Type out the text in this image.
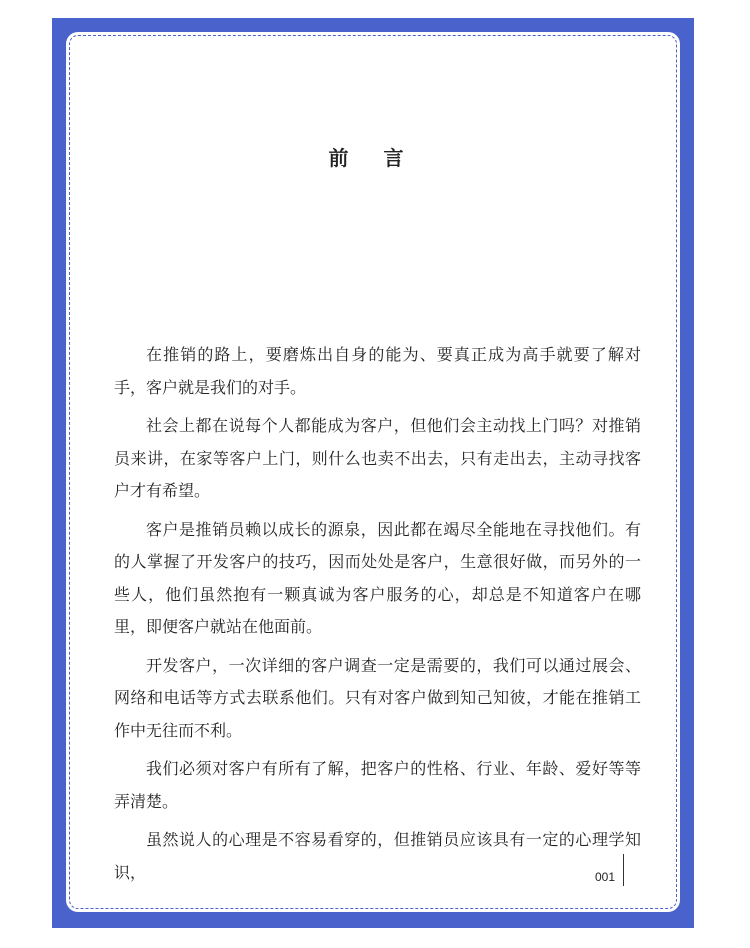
前 言

在推销的路上，要磨炼出自身的能为、要真正成为高手就要了解对手，客户就是我们的对手。

社会上都在说每个人都能成为客户，但他们会主动找上门吗？对推销员来讲，在家等客户上门，则什么也卖不出去，只有走出去，主动寻找客户才有希望。

客户是推销员赖以成长的源泉，因此都在竭尽全能地在寻找他们。有的人掌握了开发客户的技巧，因而处处是客户，生意很好做，而另外的一些人，他们虽然抱有一颗真诚为客户服务的心，却总是不知道客户在哪里，即便客户就站在他面前。

开发客户，一次详细的客户调查一定是需要的，我们可以通过展会、网络和电话等方式去联系他们。只有对客户做到知己知彼，才能在推销工作中无往而不利。

我们必须对客户有所有了解，把客户的性格、行业、年龄、爱好等等弄清楚。

虽然说人的心理是不容易看穿的，但推销员应该具有一定的心理学知识，	001
